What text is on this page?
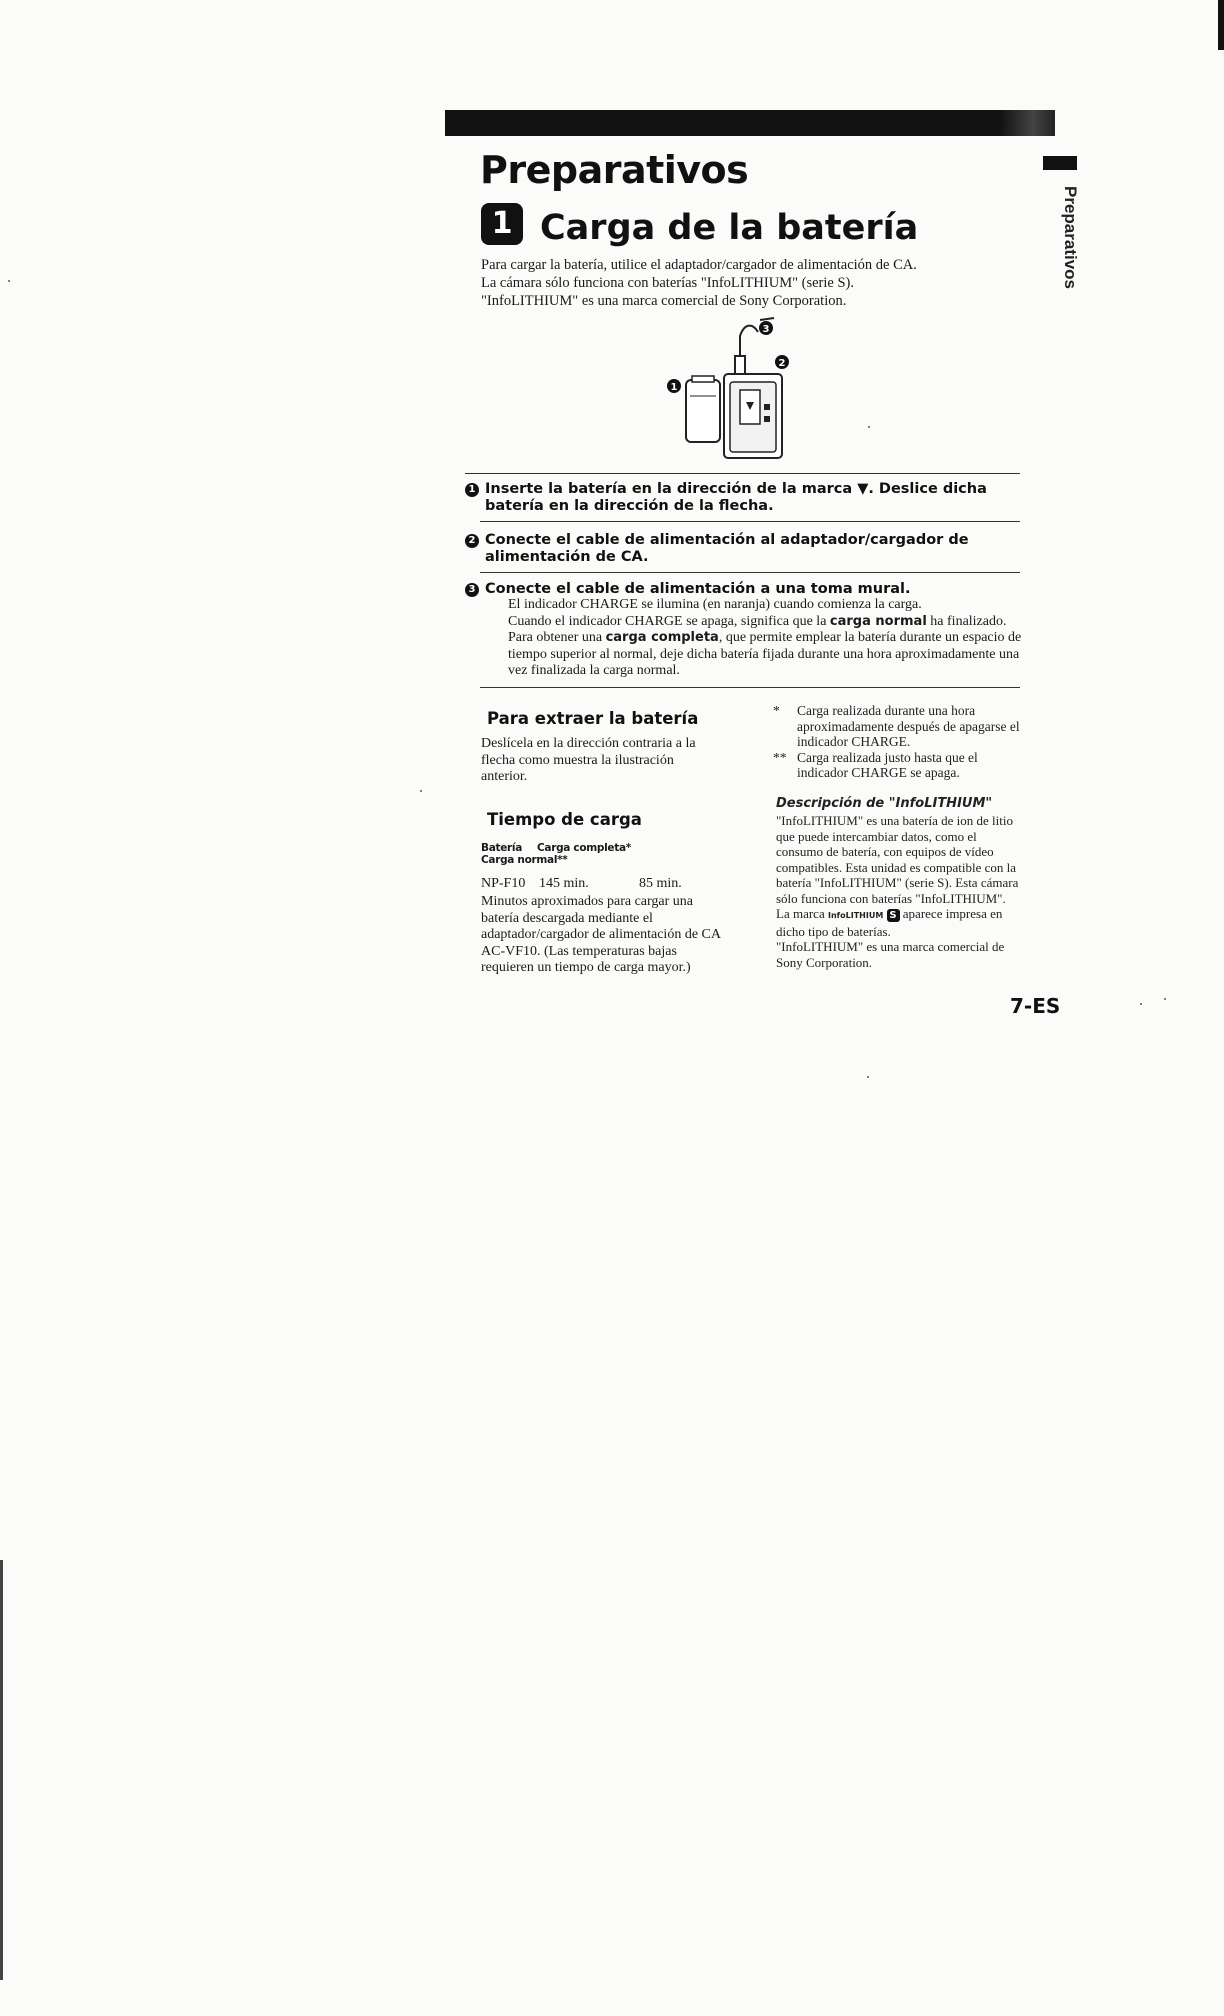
Preparativos
Preparativos
1 Carga de la batería

Para cargar la batería, utilice el adaptador/cargador de alimentación de CA.

La cámara sólo funciona con baterías "InfoLITHIUM" (serie S).

"InfoLITHIUM" es una marca comercial de Sony Corporation.

3
2
1
1 Inserte la batería en la dirección de la marca ▼. Deslice dicha
batería en la dirección de la flecha.
2 Conecte el cable de alimentación al adaptador/cargador de
alimentación de CA.
3 Conecte el cable de alimentación a una toma mural.
El indicador CHARGE se ilumina (en naranja) cuando comienza la carga.
Cuando el indicador CHARGE se apaga, significa que la carga normal ha finalizado. Para obtener una carga completa, que permite emplear la batería durante un espacio de tiempo superior al normal, deje dicha batería fijada durante una hora aproximadamente una vez finalizada la carga normal.
Para extraer la batería

Deslícela en la dirección contraria a la flecha como muestra la ilustración anterior.

Tiempo de carga
Batería Carga completa*Carga normal**
NP-F10 145 min.	85 min.

Minutos aproximados para cargar una batería descargada mediante el adaptador/cargador de alimentación de CA AC-VF10. (Las temperaturas bajas requieren un tiempo de carga mayor.)

* Carga realizada durante una hora aproximadamente después de apagarse el indicador CHARGE.
** Carga realizada justo hasta que el indicador CHARGE se apaga.
Descripción de "InfoLITHIUM"
"InfoLITHIUM" es una batería de ion de litio que puede intercambiar datos, como el consumo de batería, con equipos de vídeo compatibles. Esta unidad es compatible con la batería "InfoLITHIUM" (serie S). Esta cámara sólo funciona con baterías "InfoLITHIUM". La marca InfoLITHIUM S aparece impresa en dicho tipo de baterías.
"InfoLITHIUM" es una marca comercial de Sony Corporation.
7-ES
